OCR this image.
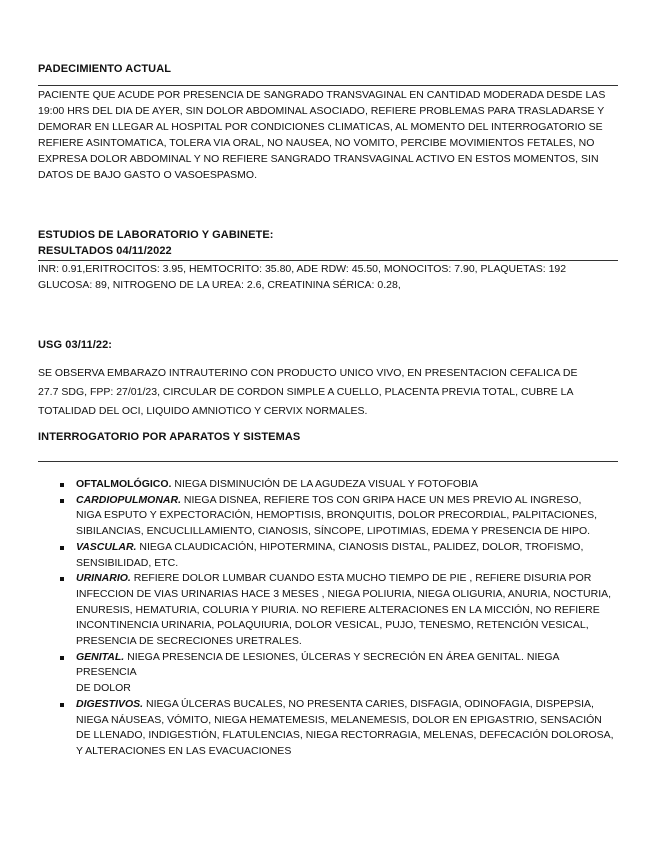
PADECIMIENTO ACTUAL
PACIENTE QUE ACUDE POR PRESENCIA DE SANGRADO TRANSVAGINAL EN CANTIDAD MODERADA DESDE LAS
19:00 HRS DEL DIA DE AYER, SIN DOLOR ABDOMINAL ASOCIADO, REFIERE PROBLEMAS PARA TRASLADARSE Y
DEMORAR EN LLEGAR AL HOSPITAL POR CONDICIONES CLIMATICAS, AL MOMENTO DEL INTERROGATORIO SE
REFIERE ASINTOMATICA, TOLERA VIA ORAL, NO NAUSEA, NO VOMITO, PERCIBE MOVIMIENTOS FETALES, NO
EXPRESA DOLOR ABDOMINAL Y NO REFIERE SANGRADO TRANSVAGINAL ACTIVO EN ESTOS MOMENTOS, SIN
DATOS DE BAJO GASTO O VASOESPASMO.
ESTUDIOS DE LABORATORIO Y GABINETE:
RESULTADOS 04/11/2022
INR: 0.91,ERITROCITOS: 3.95, HEMTOCRITO: 35.80, ADE RDW: 45.50, MONOCITOS: 7.90, PLAQUETAS: 192
GLUCOSA: 89, NITROGENO DE LA UREA: 2.6, CREATININA SÉRICA: 0.28,
USG 03/11/22:
SE OBSERVA EMBARAZO INTRAUTERINO CON PRODUCTO UNICO VIVO, EN PRESENTACION CEFALICA DE
27.7 SDG, FPP: 27/01/23, CIRCULAR DE CORDON SIMPLE A CUELLO, PLACENTA PREVIA TOTAL, CUBRE LA
TOTALIDAD DEL OCI, LIQUIDO AMNIOTICO Y CERVIX NORMALES.
INTERROGATORIO POR APARATOS Y SISTEMAS
OFTALMOLÓGICO. NIEGA DISMINUCIÓN DE LA AGUDEZA VISUAL Y FOTOFOBIA
CARDIOPULMONAR. NIEGA DISNEA, REFIERE TOS CON GRIPA HACE UN MES PREVIO AL INGRESO,
NIGA ESPUTO Y EXPECTORACIÓN, HEMOPTISIS, BRONQUITIS, DOLOR PRECORDIAL, PALPITACIONES,
SIBILANCIAS, ENCUCLILLAMIENTO, CIANOSIS, SÍNCOPE, LIPOTIMIAS, EDEMA Y PRESENCIA DE HIPO.
VASCULAR. NIEGA CLAUDICACIÓN, HIPOTERMINA, CIANOSIS DISTAL, PALIDEZ, DOLOR, TROFISMO,
SENSIBILIDAD, ETC.
URINARIO. REFIERE DOLOR LUMBAR CUANDO ESTA MUCHO TIEMPO DE PIE , REFIERE DISURIA POR
INFECCION DE VIAS URINARIAS HACE 3 MESES , NIEGA POLIURIA, NIEGA OLIGURIA, ANURIA, NOCTURIA,
ENURESIS, HEMATURIA, COLURIA Y PIURIA. NO REFIERE ALTERACIONES EN LA MICCIÓN, NO REFIERE
INCONTINENCIA URINARIA, POLAQUIURIA, DOLOR VESICAL, PUJO, TENESMO, RETENCIÓN VESICAL,
PRESENCIA DE SECRECIONES URETRALES.
GENITAL. NIEGA PRESENCIA DE LESIONES, ÚLCERAS Y SECRECIÓN EN ÁREA GENITAL. NIEGA PRESENCIA
DE DOLOR
DIGESTIVOS. NIEGA ÚLCERAS BUCALES, NO PRESENTA CARIES, DISFAGIA, ODINOFAGIA, DISPEPSIA,
NIEGA NÁUSEAS, VÓMITO, NIEGA HEMATEMESIS, MELANEMESIS, DOLOR EN EPIGASTRIO, SENSACIÓN
DE LLENADO, INDIGESTIÓN, FLATULENCIAS, NIEGA RECTORRAGIA, MELENAS, DEFECACIÓN DOLOROSA,
Y ALTERACIONES EN LAS EVACUACIONES
